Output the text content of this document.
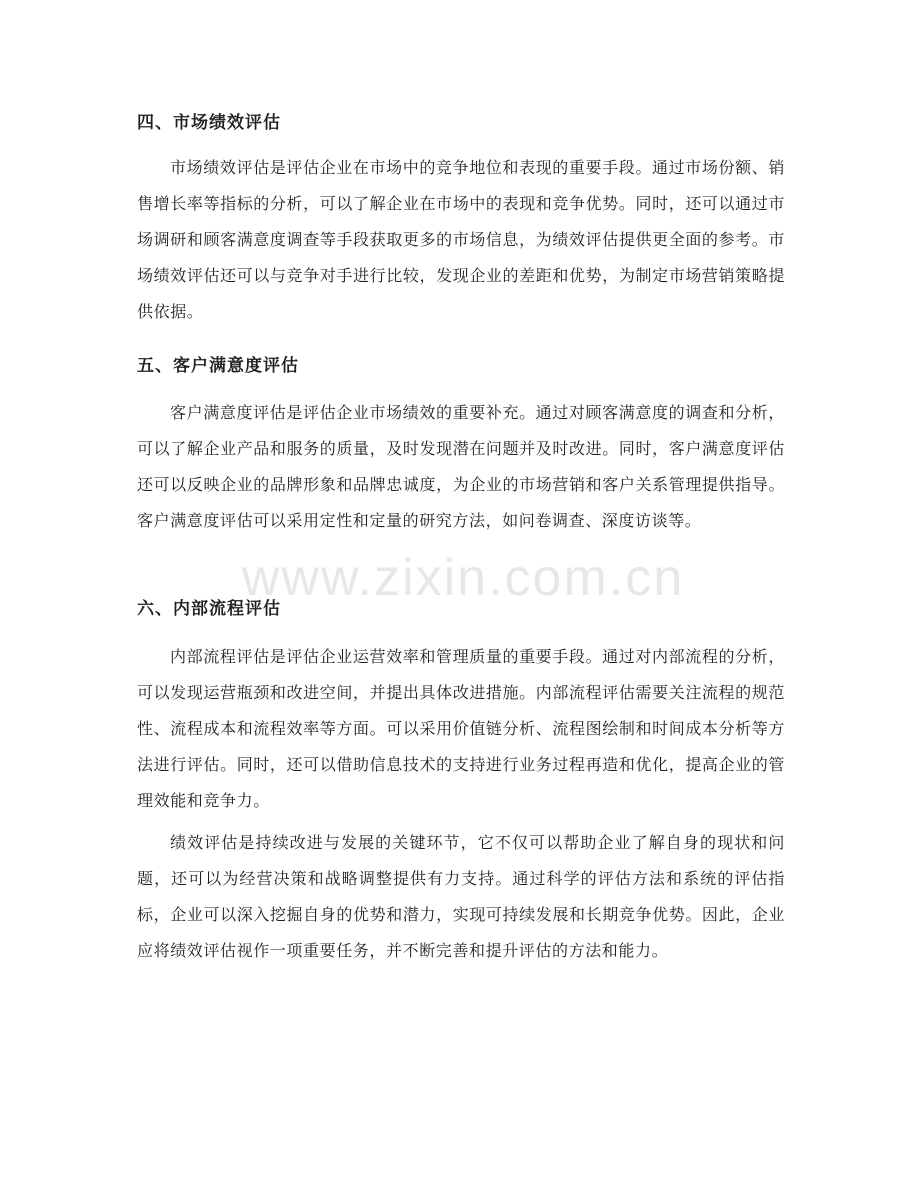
四、市场绩效评估
市场绩效评估是评估企业在市场中的竞争地位和表现的重要手段。通过市场份额、销售增长率等指标的分析，可以了解企业在市场中的表现和竞争优势。同时，还可以通过市场调研和顾客满意度调查等手段获取更多的市场信息，为绩效评估提供更全面的参考。市场绩效评估还可以与竞争对手进行比较，发现企业的差距和优势，为制定市场营销策略提供依据。
五、客户满意度评估
客户满意度评估是评估企业市场绩效的重要补充。通过对顾客满意度的调查和分析，可以了解企业产品和服务的质量，及时发现潜在问题并及时改进。同时，客户满意度评估还可以反映企业的品牌形象和品牌忠诚度，为企业的市场营销和客户关系管理提供指导。客户满意度评估可以采用定性和定量的研究方法，如问卷调查、深度访谈等。
六、内部流程评估
内部流程评估是评估企业运营效率和管理质量的重要手段。通过对内部流程的分析，可以发现运营瓶颈和改进空间，并提出具体改进措施。内部流程评估需要关注流程的规范性、流程成本和流程效率等方面。可以采用价值链分析、流程图绘制和时间成本分析等方法进行评估。同时，还可以借助信息技术的支持进行业务过程再造和优化，提高企业的管理效能和竞争力。
绩效评估是持续改进与发展的关键环节，它不仅可以帮助企业了解自身的现状和问题，还可以为经营决策和战略调整提供有力支持。通过科学的评估方法和系统的评估指标，企业可以深入挖掘自身的优势和潜力，实现可持续发展和长期竞争优势。因此，企业应将绩效评估视作一项重要任务，并不断完善和提升评估的方法和能力。
www.zixin.com.cn
